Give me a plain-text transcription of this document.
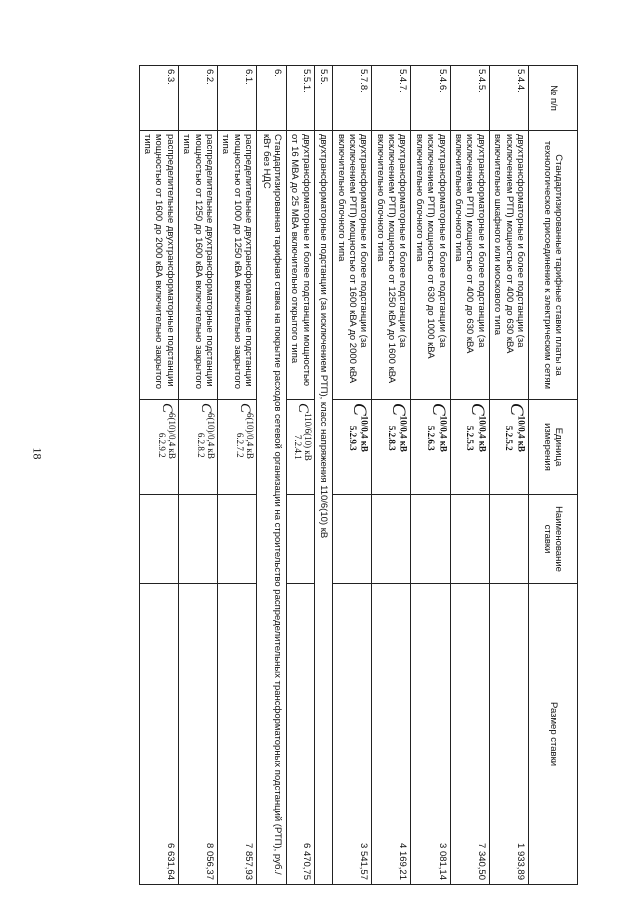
18
№ п/п	Стандартизированные тарифные ставки платы за технологическое присоединение к электрическим сетям	Единица измерения	Наименование ставки	Размер ставки
5.4.4.	двухтрансформаторные и более подстанции (за исключением РТП) мощностью от 400 до 630 кВА включительно шкафного или киоскового типа	$C^{10/0,4 кВ}_{5.2.5.2}$		1 933,89
5.4.5.	двухтрансформаторные и более подстанции (за исключением РТП) мощностью от 400 до 630 кВА включительно блочного типа	$C^{10/0,4 кВ}_{5.2.5.3}$		7 340,50
5.4.6.	двухтрансформаторные и более подстанции (за исключением РТП) мощностью от 630 до 1000 кВА включительно блочного типа	$C^{10/0,4 кВ}_{5.2.6.3}$		3 081,14
5.4.7.	двухтрансформаторные и более подстанции (за исключением РТП) мощностью от 1250 кВА до 1600 кВА включительно блочного типа	$C^{10/0,4 кВ}_{5.2.8.3}$		4 169,21
5.7.8.	двухтрансформаторные и более подстанции (за исключением РТП) мощностью от 1600 кВА до 2000 кВА включительно блочного типа	$C^{10/0,4 кВ}_{5.2.9.3}$		3 541,57
5.5.	двухтрансформаторные подстанции (за исключением РТП), класс напряжения 110/6(10) кВ			
5.5.1.	двухтрансформаторные и более подстанции мощностью от 16 МВА до 25 МВА включительно открытого типа	$C^{110/6(10) кВ}_{7.2.4.1}$		6 470,75
6.	Стандартизированная тарифная ставка на покрытие расходов сетевой организации на строительство распределительных трансформаторных подстанций (РТП), руб./кВт без НДС			
6.1.	распределительные двухтрансформаторные подстанции мощностью от 1000 до 1250 кВА включительно закрытого типа	$C^{6(10)/0,4 кВ}_{6.2.7.2}$		7 857,93
6.2.	распределительные двухтрансформаторные подстанции мощностью от 1250 до 1600 кВА включительно закрытого типа	$C^{6(10)/0,4 кВ}_{6.2.8.2}$		8 056,37
6.3.	распределительные двухтрансформаторные подстанции мощностью от 1600 до 2000 кВА включительно закрытого типа	$C^{6(10)/0,4 кВ}_{6.2.9.2}$		6 631,64
